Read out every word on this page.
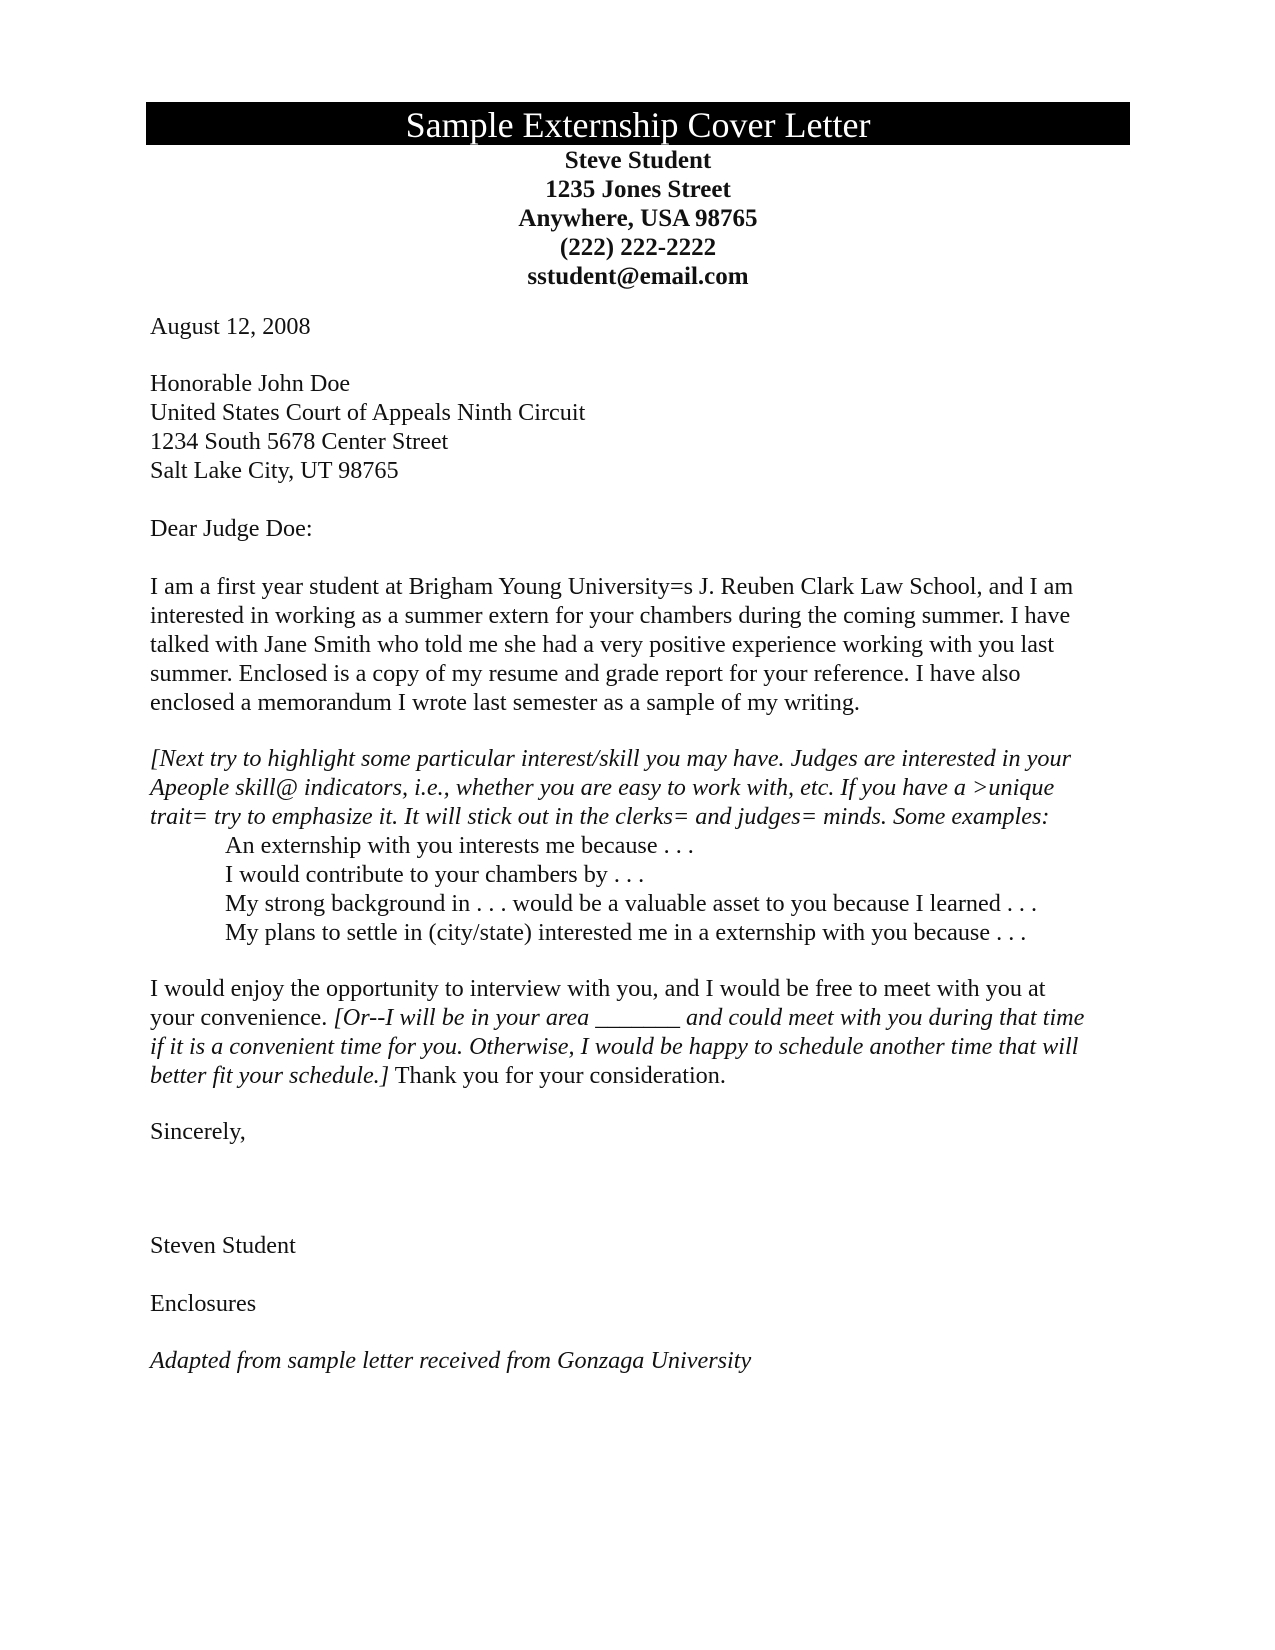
Sample Externship Cover Letter
Steve Student
1235 Jones Street
Anywhere, USA 98765
(222) 222-2222
sstudent@email.com
August 12, 2008
Honorable John Doe
United States Court of Appeals Ninth Circuit
1234 South 5678 Center Street
Salt Lake City, UT 98765
Dear Judge Doe:
I am a first year student at Brigham Young University=s J. Reuben Clark Law School, and I am
interested in working as a summer extern for your chambers during the coming summer. I have
talked with Jane Smith who told me she had a very positive experience working with you last
summer. Enclosed is a copy of my resume and grade report for your reference. I have also
enclosed a memorandum I wrote last semester as a sample of my writing.
[Next try to highlight some particular interest/skill you may have. Judges are interested in your
Apeople skill@ indicators, i.e., whether you are easy to work with, etc. If you have a >unique
trait= try to emphasize it. It will stick out in the clerks= and judges= minds. Some examples:
An externship with you interests me because . . .
I would contribute to your chambers by . . .
My strong background in . . . would be a valuable asset to you because I learned . . .
My plans to settle in (city/state) interested me in a externship with you because . . .
I would enjoy the opportunity to interview with you, and I would be free to meet with you at
your convenience. [Or--I will be in your area _______ and could meet with you during that time
if it is a convenient time for you. Otherwise, I would be happy to schedule another time that will
better fit your schedule.] Thank you for your consideration.
Sincerely,
Steven Student
Enclosures
Adapted from sample letter received from Gonzaga University
